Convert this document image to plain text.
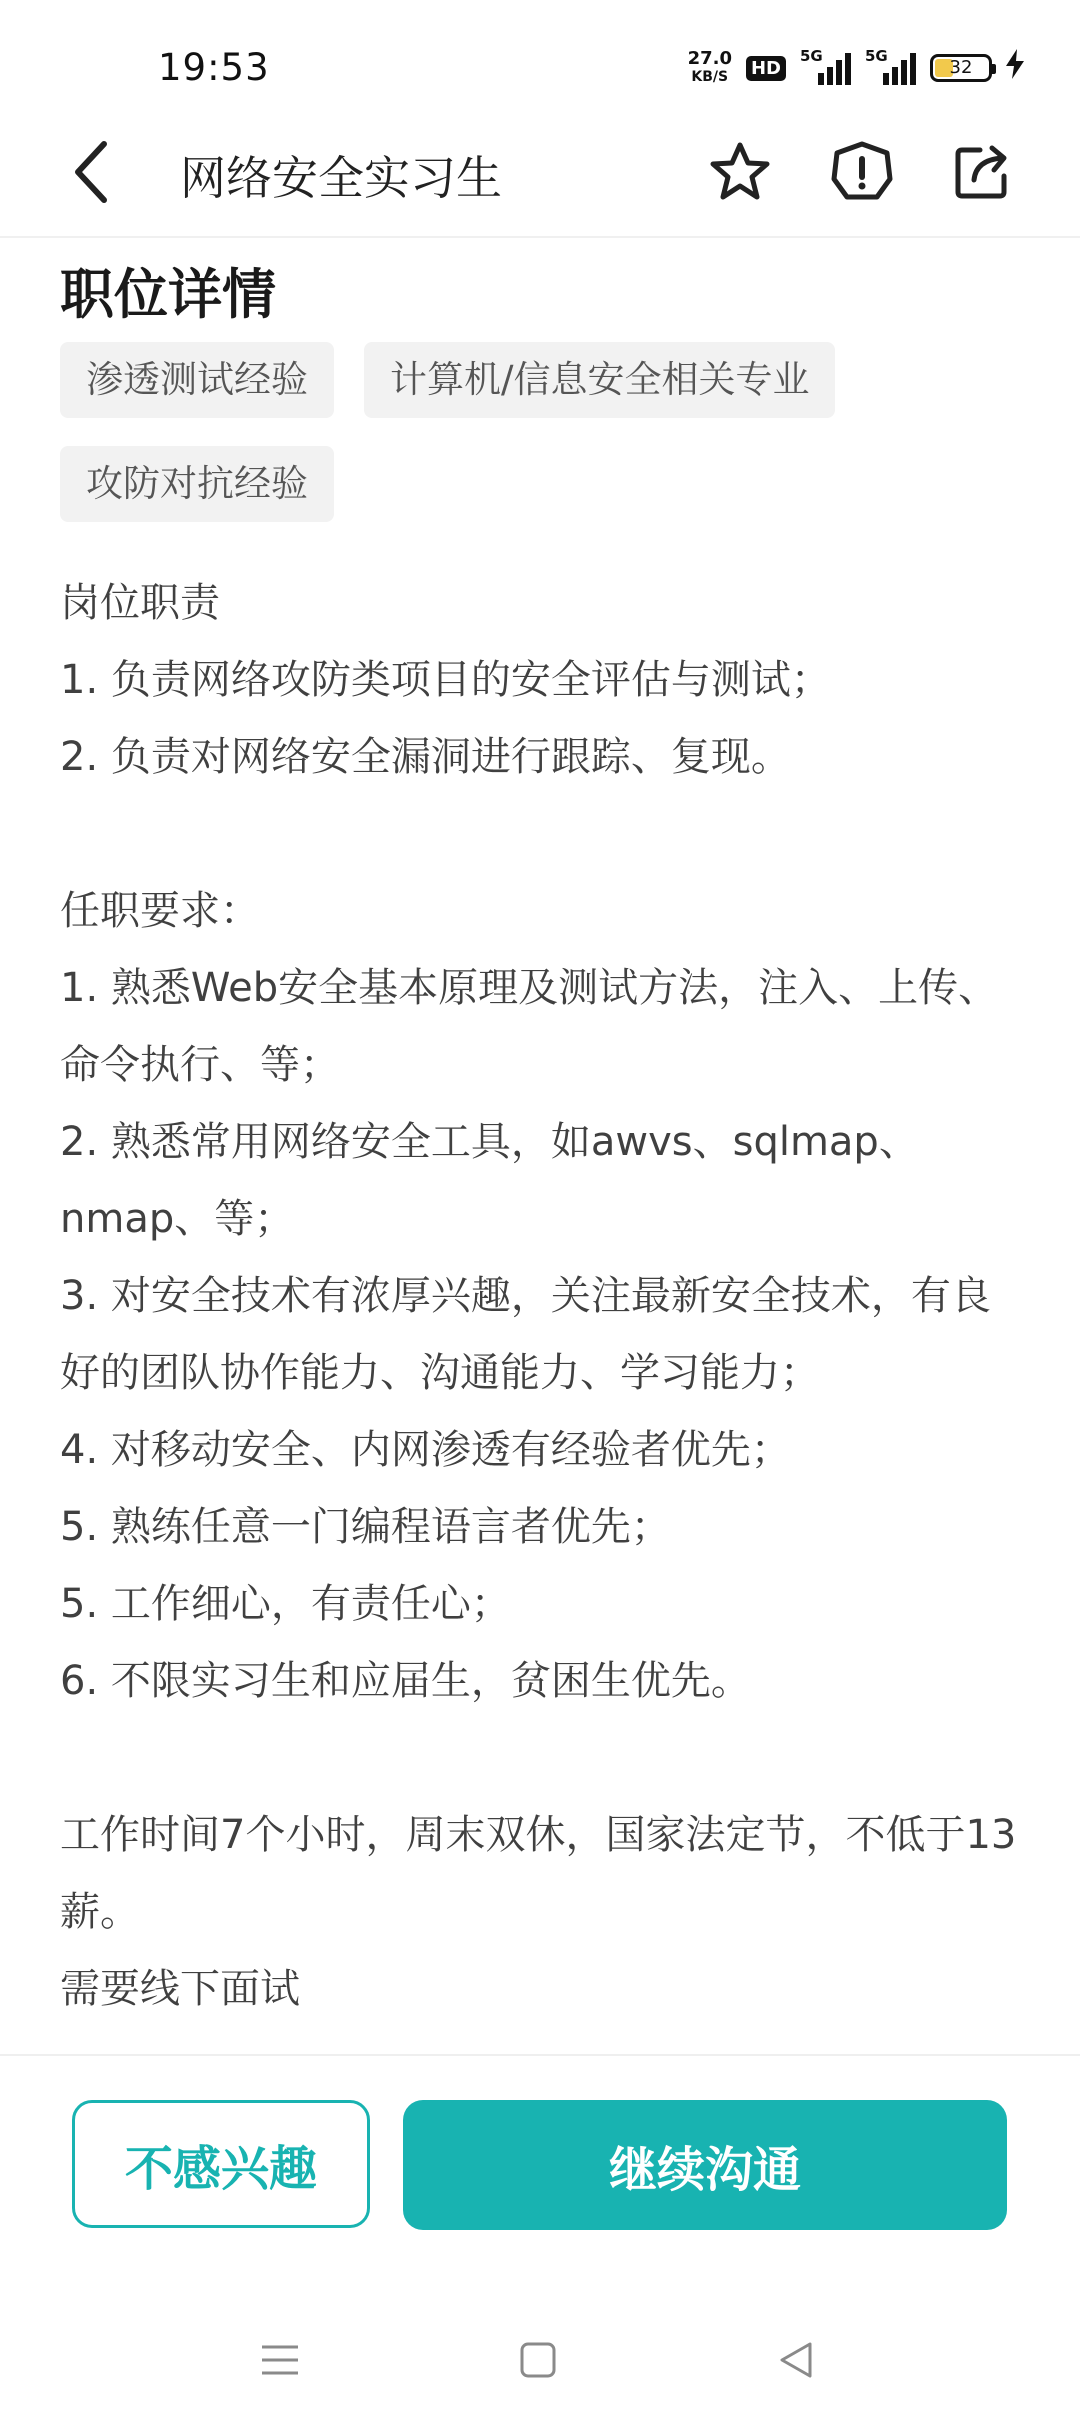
19:53	27.0
KB/S HD
5G	5G
32
网络安全实习生
职位详情
渗透测试经验	计算机/信息安全相关专业
攻防对抗经验
岗位职责
1. 负责网络攻防类项目的安全评估与测试；
2. 负责对网络安全漏洞进行跟踪、复现。

任职要求：
1. 熟悉Web安全基本原理及测试方法，注入、上传、命令执行、等；
2. 熟悉常用网络安全工具，如awvs、sqlmap、nmap、等；
3. 对安全技术有浓厚兴趣，关注最新安全技术，有良好的团队协作能力、沟通能力、学习能力；
4. 对移动安全、内网渗透有经验者优先；
5. 熟练任意一门编程语言者优先；
5. 工作细心，有责任心；
6. 不限实习生和应届生，贫困生优先。

工作时间7个小时，周末双休，国家法定节，不低于13薪。
需要线下面试
不感兴趣	继续沟通
